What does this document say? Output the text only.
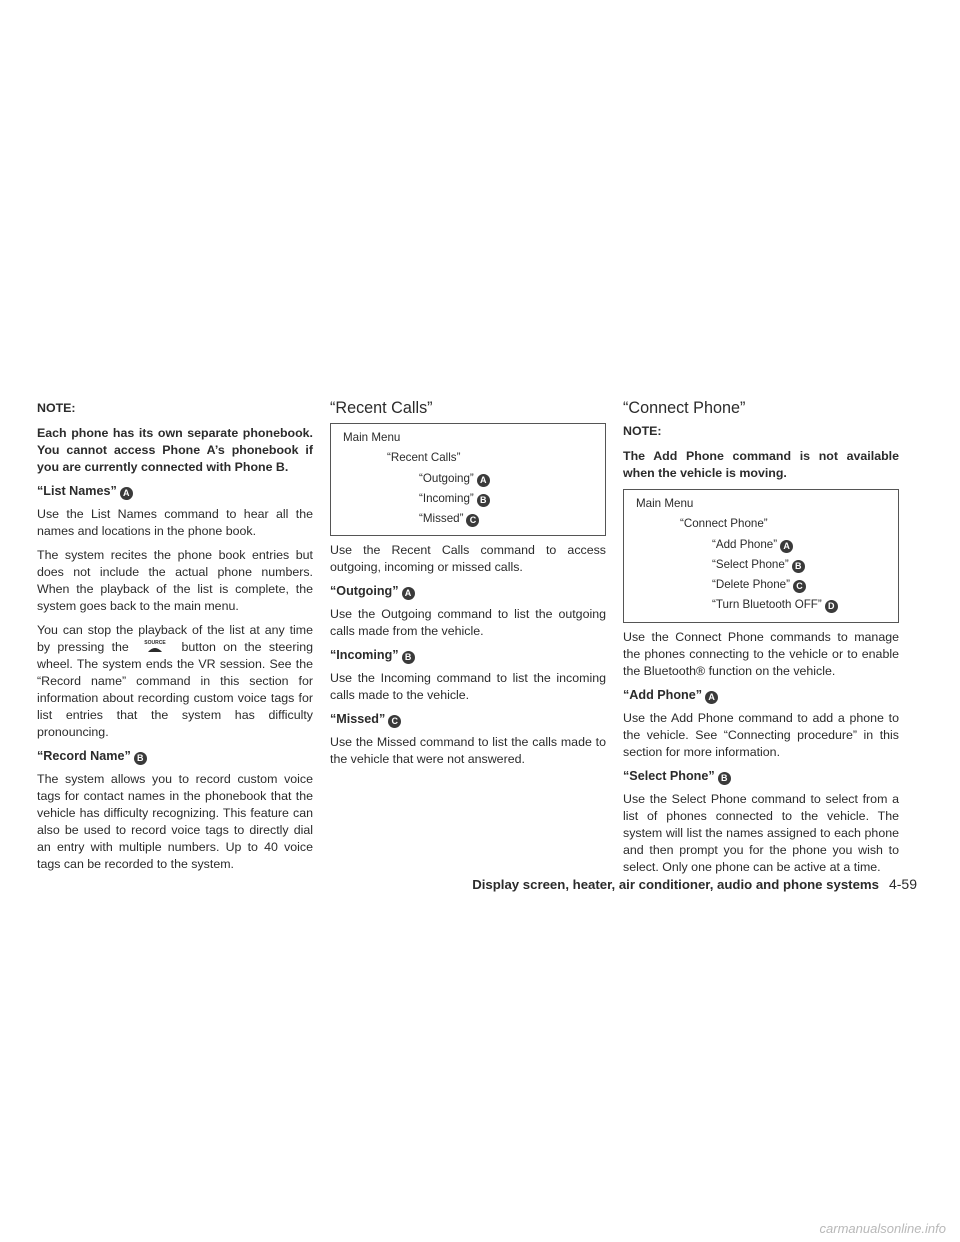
NOTE:

Each phone has its own separate phonebook. You cannot access Phone A’s phonebook if you are currently connected with Phone B.

“List Names” A

Use the List Names command to hear all the names and locations in the phone book.

The system recites the phone book entries but does not include the actual phone numbers. When the playback of the list is complete, the system goes back to the main menu.

You can stop the playback of the list at any time by pressing the	SOURCE button on the steering wheel. The system ends the VR session. See the “Record name” command in this section for information about recording custom voice tags for list entries that the system has difficulty pronouncing.

“Record Name” B

The system allows you to record custom voice tags for contact names in the phonebook that the vehicle has difficulty recognizing. This feature can also be used to record voice tags to directly dial an entry with multiple numbers. Up to 40 voice tags can be recorded to the system.

“Recent Calls”
Main Menu
“Recent Calls”
“Outgoing” A
“Incoming” B
“Missed” C

Use the Recent Calls command to access outgoing, incoming or missed calls.

“Outgoing” A

Use the Outgoing command to list the outgoing calls made from the vehicle.

“Incoming” B

Use the Incoming command to list the incoming calls made to the vehicle.

“Missed” C

Use the Missed command to list the calls made to the vehicle that were not answered.

“Connect Phone”

NOTE:

The Add Phone command is not available when the vehicle is moving.

Main Menu
“Connect Phone”
“Add Phone” A
“Select Phone” B
“Delete Phone” C
“Turn Bluetooth OFF” D

Use the Connect Phone commands to manage the phones connecting to the vehicle or to enable the Bluetooth® function on the vehicle.

“Add Phone” A

Use the Add Phone command to add a phone to the vehicle. See “Connecting procedure” in this section for more information.

“Select Phone” B

Use the Select Phone command to select from a list of phones connected to the vehicle. The system will list the names assigned to each phone and then prompt you for the phone you wish to select. Only one phone can be active at a time.

Display screen, heater, air conditioner, audio and phone systems 4-59
carmanualsonline.info
